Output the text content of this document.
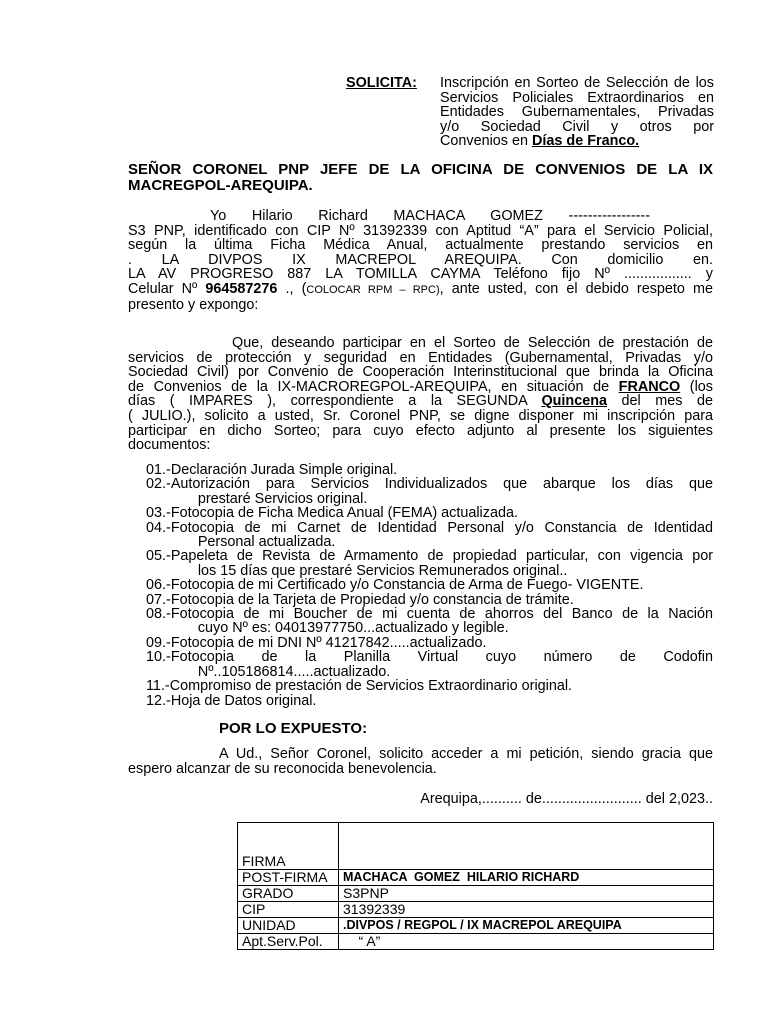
SOLICITA: Inscripción en Sorteo de Selección de los
Servicios Policiales Extraordinarios en
Entidades Gubernamentales, Privadas
y/o Sociedad Civil y otros por
Convenios en Días de Franco.
SEÑOR CORONEL PNP JEFE DE LA OFICINA DE CONVENIOS DE LA IX
MACREGPOL-AREQUIPA.
Yo Hilario Richard MACHACA GOMEZ -----------------
S3 PNP, identificado con CIP Nº 31392339 con Aptitud “A” para el Servicio Policial,
según la última Ficha Médica Anual, actualmente prestando servicios en
. LA DIVPOS IX MACREPOL AREQUIPA. Con domicilio en.
LA AV PROGRESO 887 LA TOMILLA CAYMA Teléfono fijo Nº ................. y
Celular Nº 964587276 ., (COLOCAR RPM – RPC), ante usted, con el debido respeto me
presento y expongo:
Que, deseando participar en el Sorteo de Selección de prestación de
servicios de protección y seguridad en Entidades (Gubernamental, Privadas y/o
Sociedad Civil) por Convenio de Cooperación Interinstitucional que brinda la Oficina
de Convenios de la IX-MACROREGPOL-AREQUIPA, en situación de FRANCO (los
días ( IMPARES ), correspondiente a la SEGUNDA Quincena del mes de
( JULIO.), solicito a usted, Sr. Coronel PNP, se digne disponer mi inscripción para
participar en dicho Sorteo; para cuyo efecto adjunto al presente los siguientes
documentos:
01.- Declaración Jurada Simple original.
02.- Autorización para Servicios Individualizados que abarque los días que
prestaré Servicios original.
03.- Fotocopia de Ficha Medica Anual (FEMA) actualizada.
04.- Fotocopia de mi Carnet de Identidad Personal y/o Constancia de Identidad
Personal actualizada.
05.- Papeleta de Revista de Armamento de propiedad particular, con vigencia por
los 15 días que prestaré Servicios Remunerados original..
06.- Fotocopia de mi Certificado y/o Constancia de Arma de Fuego- VIGENTE.
07.- Fotocopia de la Tarjeta de Propiedad y/o constancia de trámite.
08.- Fotocopia de mi Boucher de mi cuenta de ahorros del Banco de la Nación
cuyo Nº es: 04013977750...actualizado y legible.
09.- Fotocopia de mi DNI Nº 41217842.....actualizado.
10.- Fotocopia de la Planilla Virtual cuyo número de Codofin
Nº..105186814.....actualizado.
11.- Compromiso de prestación de Servicios Extraordinario original.
12.- Hoja de Datos original.
POR LO EXPUESTO:
A Ud., Señor Coronel, solicito acceder a mi petición, siendo gracia que
espero alcanzar de su reconocida benevolencia.
Arequipa,.......... de......................... del 2,023..
FIRMA	
POST-FIRMA	MACHACA  GOMEZ  HILARIO RICHARD
GRADO	S3PNP
CIP	31392339
UNIDAD	.DIVPOS / REGPOL / IX MACREPOL AREQUIPA
Apt.Serv.Pol.	“ A”
